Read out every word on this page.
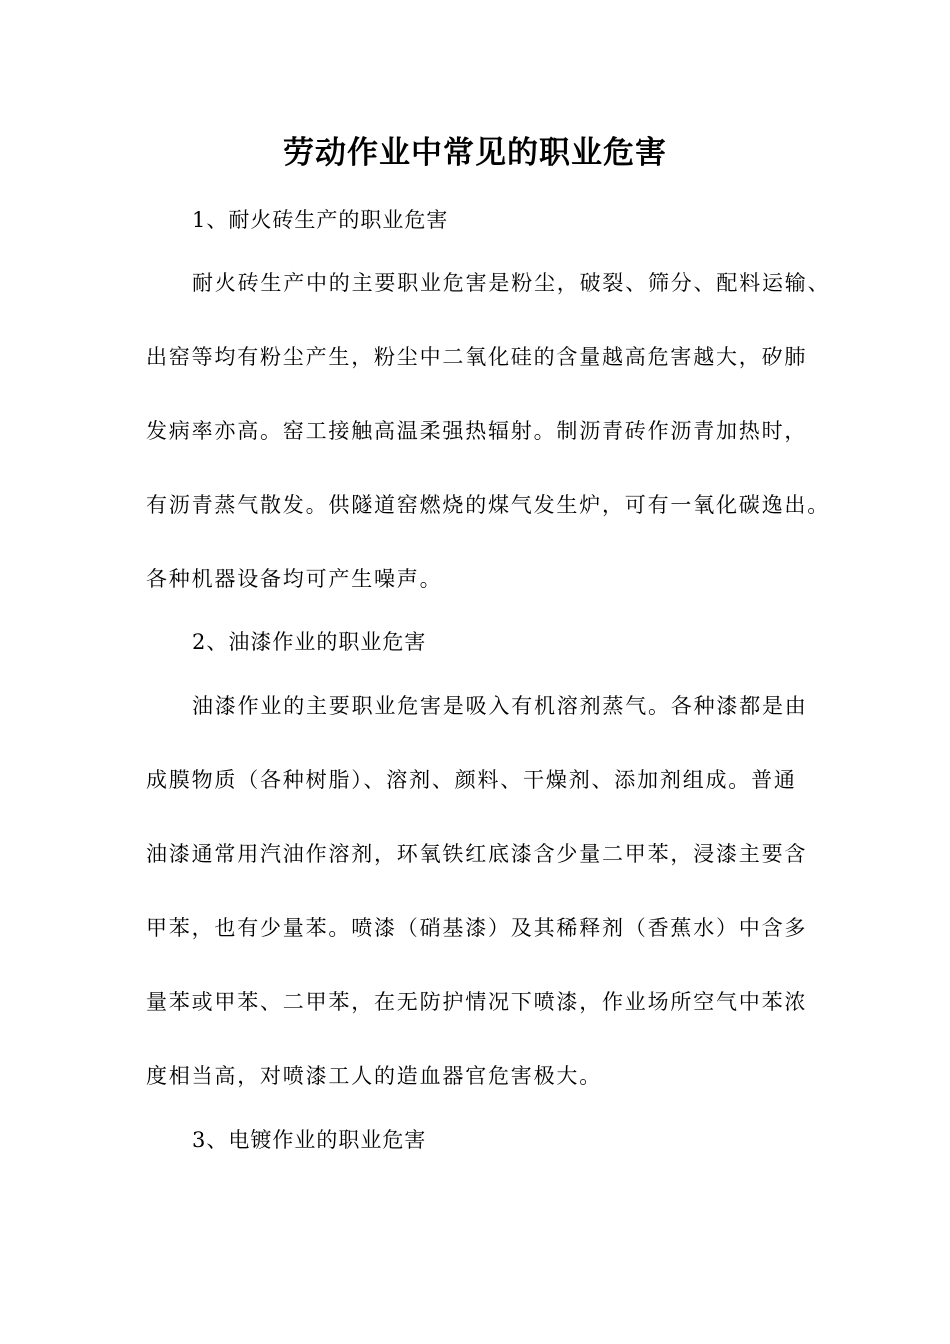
劳动作业中常见的职业危害
1、耐火砖生产的职业危害
耐火砖生产中的主要职业危害是粉尘，破裂、筛分、配料运输、
出窑等均有粉尘产生，粉尘中二氧化硅的含量越高危害越大，矽肺
发病率亦高。窑工接触高温柔强热辐射。制沥青砖作沥青加热时，
有沥青蒸气散发。供隧道窑燃烧的煤气发生炉，可有一氧化碳逸出。
各种机器设备均可产生噪声。
2、油漆作业的职业危害
油漆作业的主要职业危害是吸入有机溶剂蒸气。各种漆都是由
成膜物质（各种树脂）、溶剂、颜料、干燥剂、添加剂组成。普通
油漆通常用汽油作溶剂，环氧铁红底漆含少量二甲苯，浸漆主要含
甲苯，也有少量苯。喷漆（硝基漆）及其稀释剂（香蕉水）中含多
量苯或甲苯、二甲苯，在无防护情况下喷漆，作业场所空气中苯浓
度相当高，对喷漆工人的造血器官危害极大。
3、电镀作业的职业危害
